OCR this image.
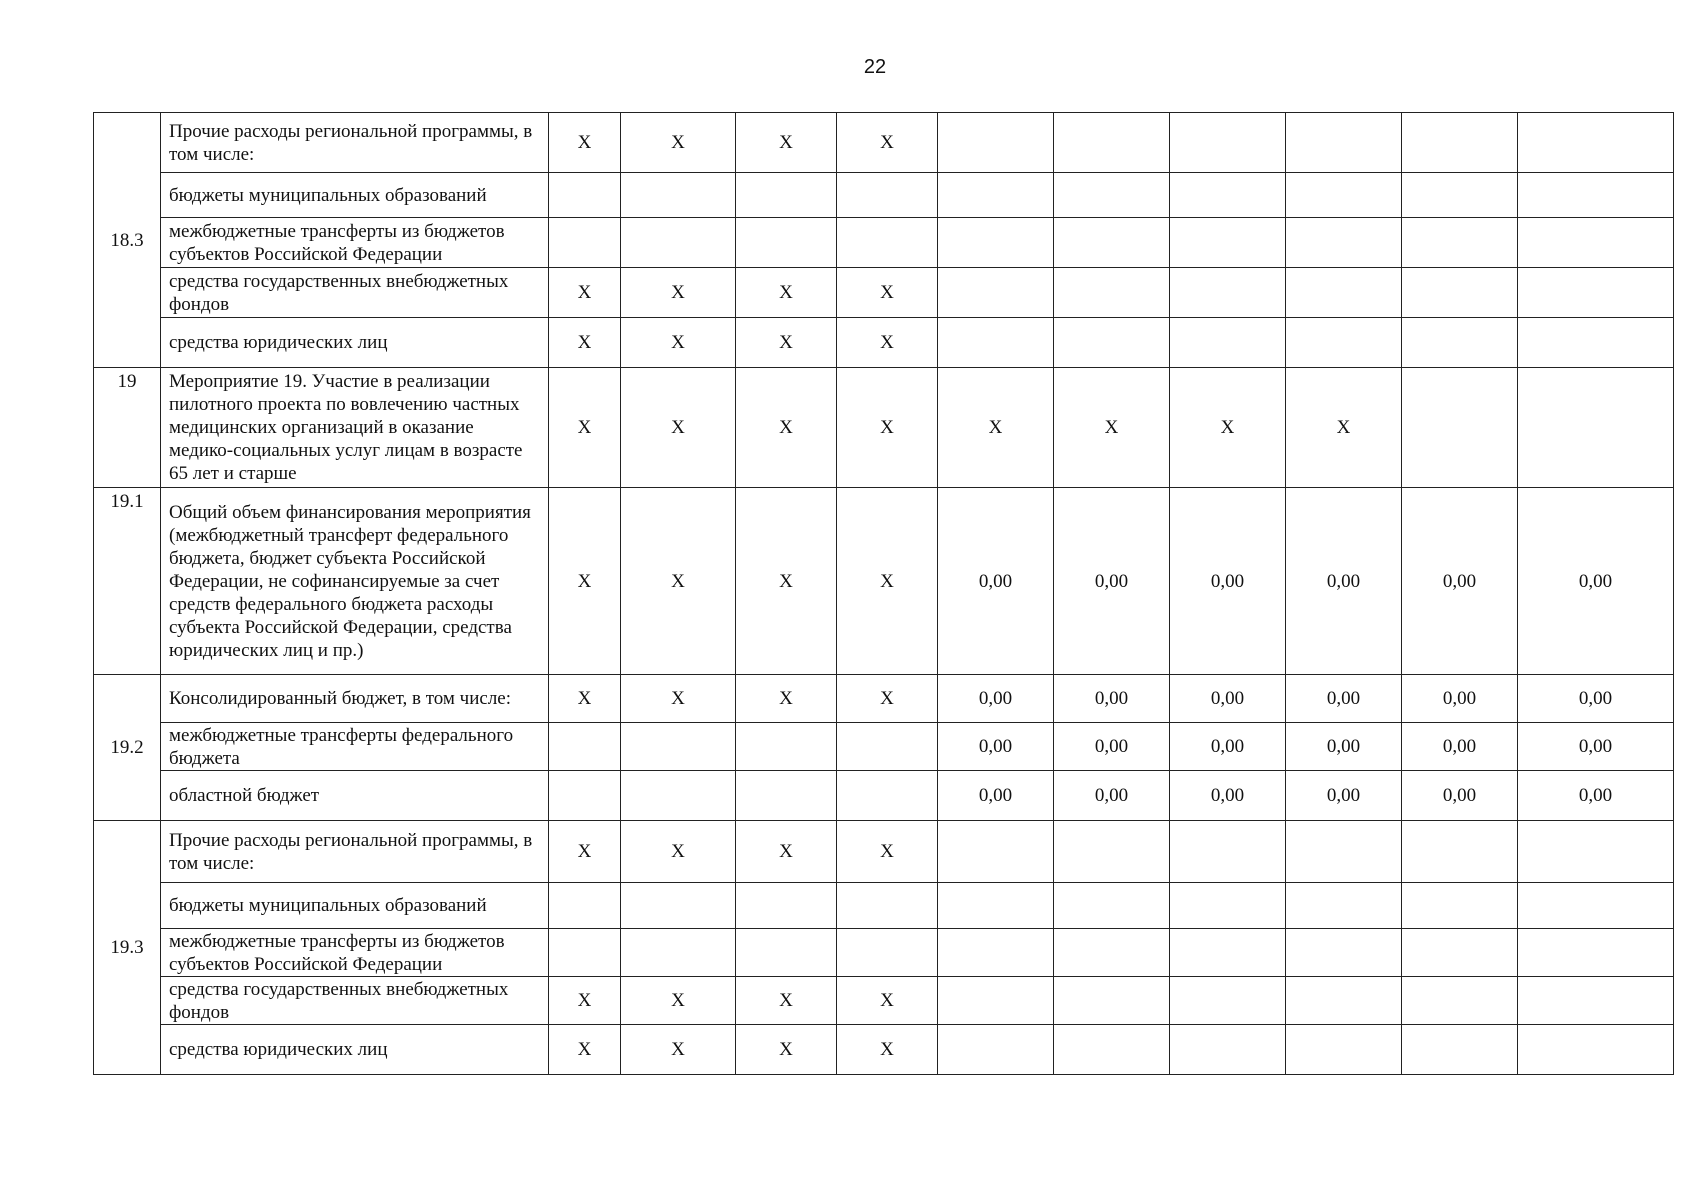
22
18.3	Прочие расходы региональной программы, в том числе:	Х	Х	Х	Х						
	бюджеты муниципальных образований										
	межбюджетные трансферты из бюджетов субъектов Российской Федерации										
	средства государственных внебюджетных фондов	Х	Х	Х	Х						
	средства юридических лиц	Х	Х	Х	Х						
19	Мероприятие 19. Участие в реализации пилотного проекта по вовлечению частных медицинских организаций в оказание медико-социальных услуг лицам в возрасте 65 лет и старше	Х	Х	Х	Х	Х	Х	Х	Х		
19.1	Общий объем финансирования мероприятия (межбюджетный трансферт федерального бюджета, бюджет субъекта Российской Федерации, не софинансируемые за счет средств федерального бюджета расходы субъекта Российской Федерации, средства юридических лиц и пр.)	Х	Х	Х	Х	0,00	0,00	0,00	0,00	0,00	0,00
19.2	Консолидированный бюджет, в том числе:	Х	Х	Х	Х	0,00	0,00	0,00	0,00	0,00	0,00
	межбюджетные трансферты федерального бюджета					0,00	0,00	0,00	0,00	0,00	0,00
	областной бюджет					0,00	0,00	0,00	0,00	0,00	0,00
19.3	Прочие расходы региональной программы, в том числе:	Х	Х	Х	Х						
	бюджеты муниципальных образований										
	межбюджетные трансферты из бюджетов субъектов Российской Федерации										
	средства государственных внебюджетных фондов	Х	Х	Х	Х						
	средства юридических лиц	Х	Х	Х	Х						
